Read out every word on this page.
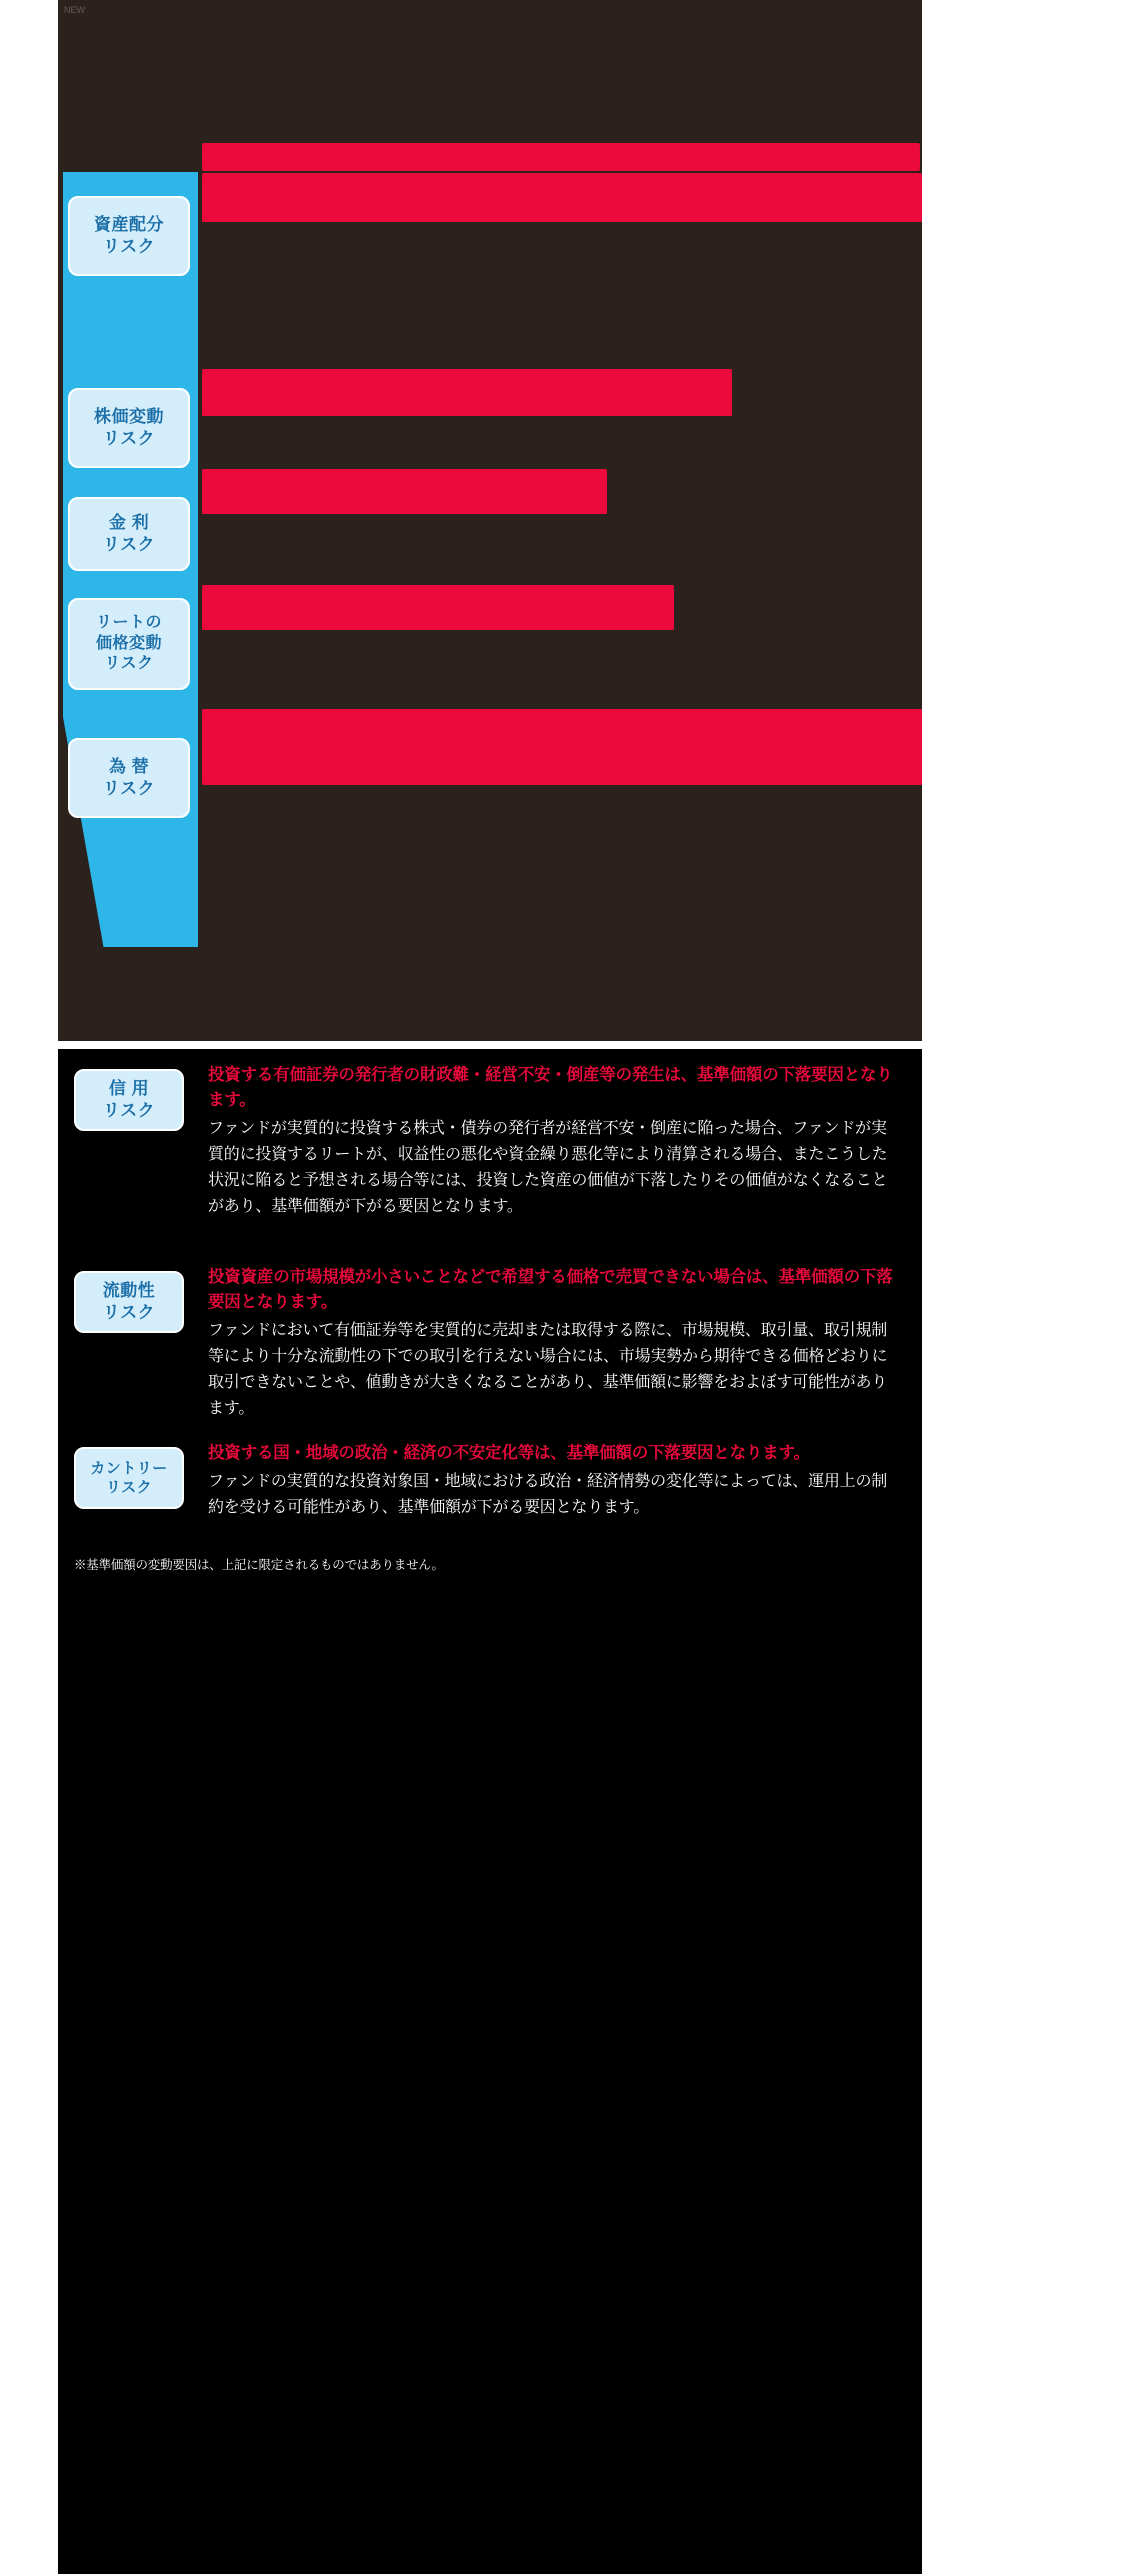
NEW
資産配分
リスク
株価変動
リスク
金 利
リスク
リートの
価格変動
リスク
為 替
リスク
信 用
リスク

投資する有価証券の発行者の財政難・経営不安・倒産等の発生は、基準価額の下落要因となります。

ファンドが実質的に投資する株式・債券の発行者が経営不安・倒産に陥った場合、ファンドが実質的に投資するリートが、収益性の悪化や資金繰り悪化等により清算される場合、またこうした状況に陥ると予想される場合等には、投資した資産の価値が下落したりその価値がなくなることがあり、基準価額が下がる要因となります。

流動性
リスク

投資資産の市場規模が小さいことなどで希望する価格で売買できない場合は、基準価額の下落要因となります。

ファンドにおいて有価証券等を実質的に売却または取得する際に、市場規模、取引量、取引規制等により十分な流動性の下での取引を行えない場合には、市場実勢から期待できる価格どおりに取引できないことや、値動きが大きくなることがあり、基準価額に影響をおよぼす可能性があります。

カントリー
リスク

投資する国・地域の政治・経済の不安定化等は、基準価額の下落要因となります。

ファンドの実質的な投資対象国・地域における政治・経済情勢の変化等によっては、運用上の制約を受ける可能性があり、基準価額が下がる要因となります。

※基準価額の変動要因は、上記に限定されるものではありません。
